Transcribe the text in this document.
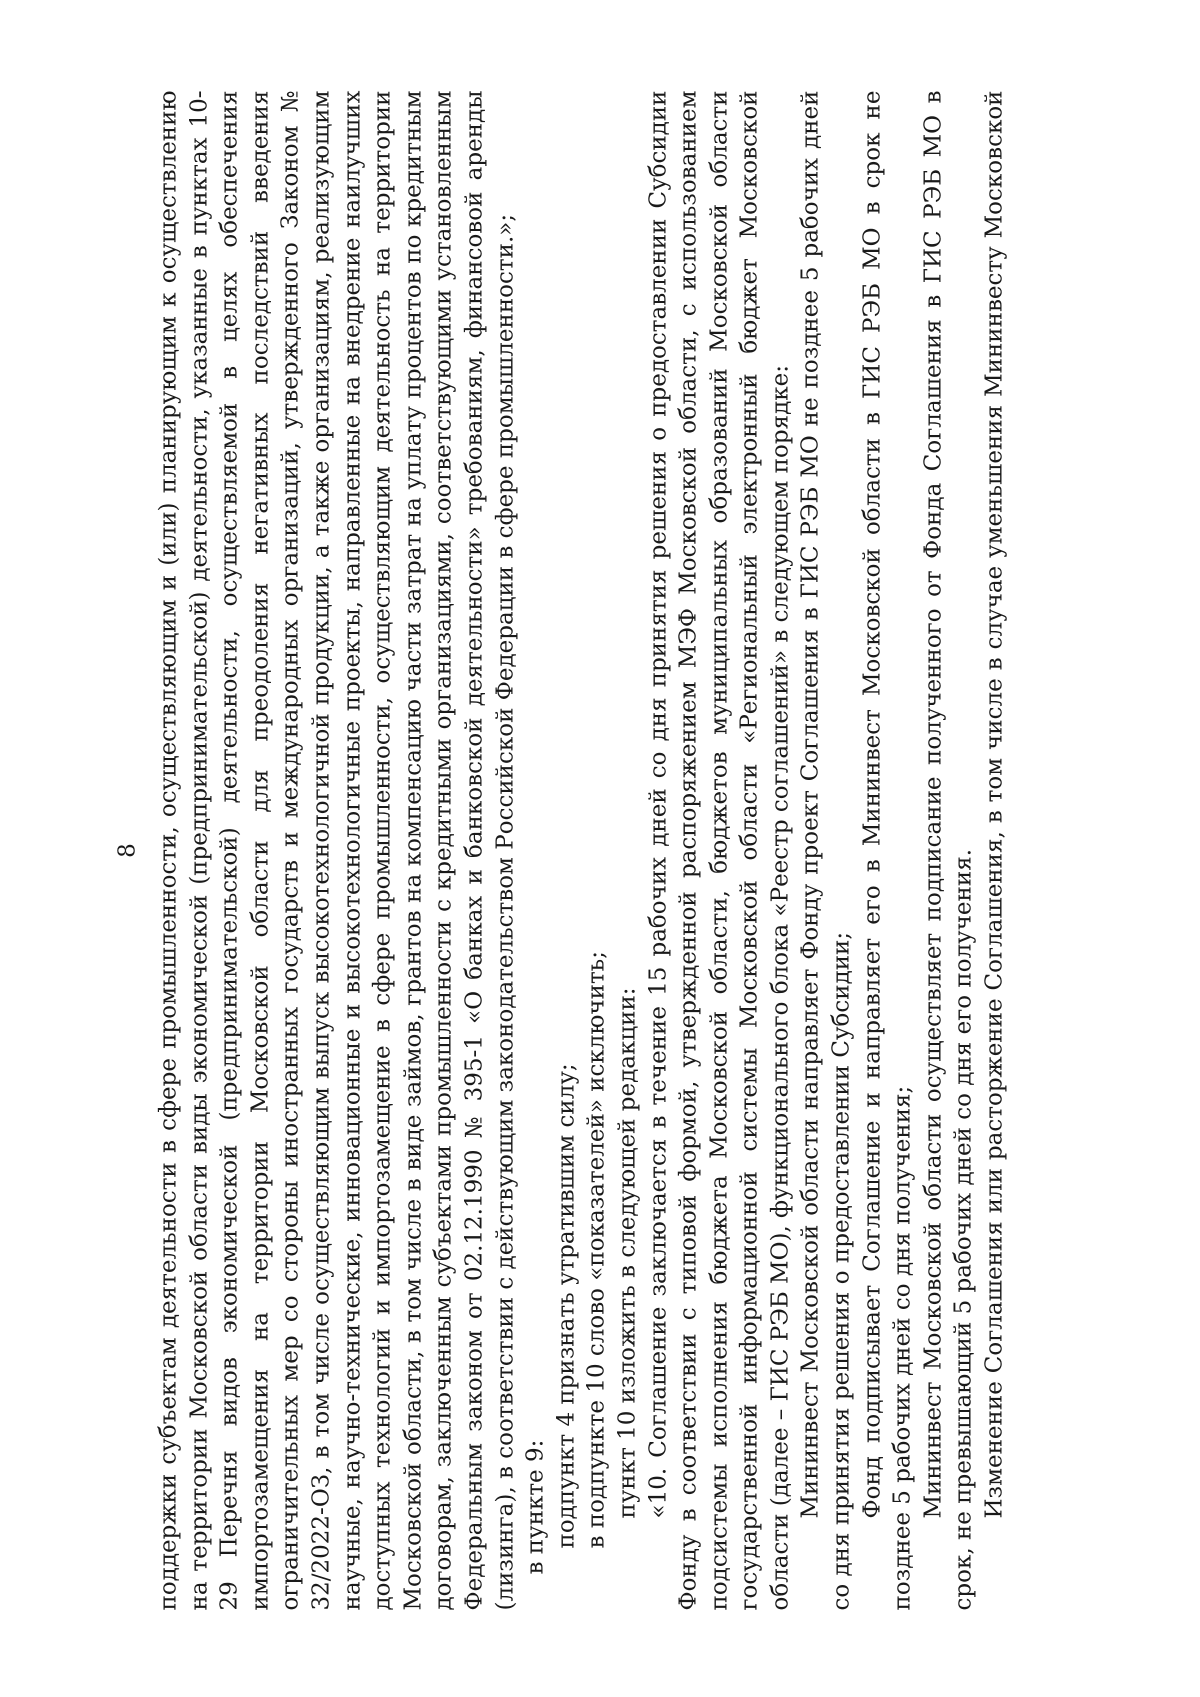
8 поддержки субъектам деятельности в сфере промышленности, осуществляющим и (или) планирующим к осуществлению на территории Московской области виды экономической (предпринимательской) деятельности, указанные в пунктах 10-29 Перечня видов экономической (предпринимательской) деятельности, осуществляемой в целях обеспечения импортозамещения на территории Московской области для преодоления негативных последствий введения ограничительных мер со стороны иностранных государств и международных организаций, утвержденного Законом № 32/2022-ОЗ, в том числе осуществляющим выпуск высокотехнологичной продукции, а также организациям, реализующим научные, научно-технические, инновационные и высокотехнологичные проекты, направленные на внедрение наилучших доступных технологий и импортозамещение в сфере промышленности, осуществляющим деятельность на территории Московской области, в том числе в виде займов, грантов на компенсацию части затрат на уплату процентов по кредитным договорам, заключенным субъектами промышленности с кредитными организациями, соответствующими установленным Федеральным законом от 02.12.1990 № 395-1 «О банках и банковской деятельности» требованиям, финансовой аренды (лизинга), в соответствии с действующим законодательством Российской Федерации в сфере промышленности.»; в пункте 9: подпункт 4 признать утратившим силу; в подпункте 10 слово «показателей» исключить; пункт 10 изложить в следующей редакции: «10. Соглашение заключается в течение 15 рабочих дней со дня принятия решения о предоставлении Субсидии Фонду в соответствии с типовой формой, утвержденной распоряжением МЭФ Московской области, с использованием подсистемы исполнения бюджета Московской области, бюджетов муниципальных образований Московской области государственной информационной системы Московской области «Региональный электронный бюджет Московской области (далее – ГИС РЭБ МО), функционального блока «Реестр соглашений» в следующем порядке: Мининвест Московской области направляет Фонду проект Соглашения в ГИС РЭБ МО не позднее 5 рабочих дней со дня принятия решения о предоставлении Субсидии; Фонд подписывает Соглашение и направляет его в Мининвест Московской области в ГИС РЭБ МО в срок не позднее 5 рабочих дней со дня получения; Мининвест Московской области осуществляет подписание полученного от Фонда Соглашения в ГИС РЭБ МО в срок, не превышающий 5 рабочих дней со дня его получения. Изменение Соглашения или расторжение Соглашения, в том числе в случае уменьшения Мининвесту Московской
